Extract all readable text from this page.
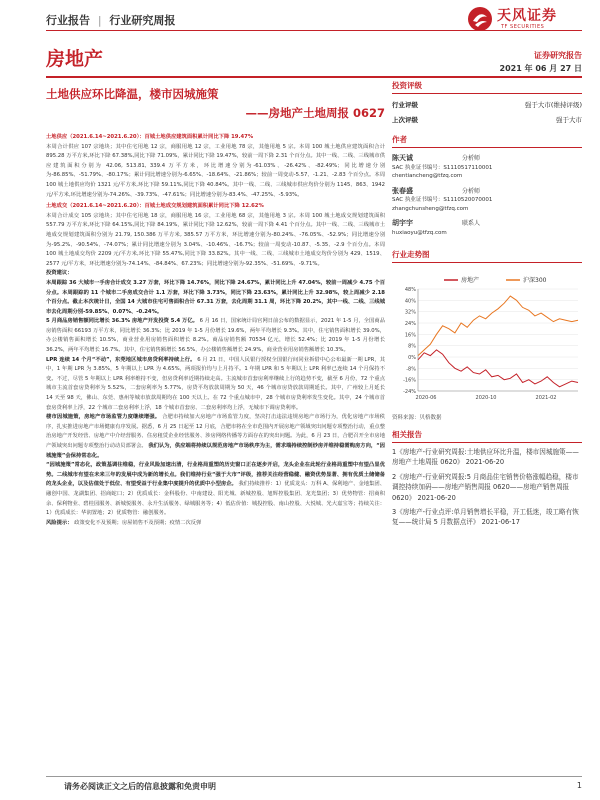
行业报告 | 行业研究周报	天风证券
TF SECURITIES
房地产	证券研究报告
2021 年 06 月 27 日
土地供应环比降温，楼市因城施策
——房地产土地周报 0627

土地供应（2021.6.14~2021.6.20）：百城土地供应建筑面积累计同比下降 19.47%

本周合计供应 107 宗地块；其中住宅用地 12 宗，商服用地 12 宗，工业用地 78 宗，其他用地 5 宗。本周 100 城土地供应建筑面积合计 895.28 万平方米,环比下降 67.38%,同比下降 71.09%，累计同比下降 19.47%，较前一周下降 2.31 个百分点。其中一线、二线、三线城市供应建筑面积分别为 42.06, 513.81, 339.4 万平方米，环比增速分别为-61.03%、-26.42%、-82.49%；同比增速分别为-86.85%、-51.79%、-80.17%；累计同比增速分别为-6.65%、-18.64%、-21.86%；较前一周变动-5.57、-1.21、-2.83 个百分点。本周 100 城土地供应均价 1321 元/平方米,环比下降 59.11%,同比下降 40.84%。其中一线、二线、三线城市供应均价分别为 1145、863、1942 元/平方米,环比增速分别为-74.26%、-39.73%、-47.61%；同比增速分别为-83.4%、-47.25%、-5.93%。

土地成交（2021.6.14~2021.6.20）：百城土地成交规划建筑面积累计同比下降 12.62%

本周合计成交 105 宗地块；其中住宅用地 18 宗，商服用地 16 宗，工业用地 68 宗，其他用地 3 宗。本周 100 城土地成交规划建筑面积 557.79 万平方米,环比下降 64.15%,同比下降 84.19%，累计同比下降 12.62%，较前一周下降 4.41 个百分点。其中一线、二线、三线城市土地成交规划建筑面积分别为 21.79, 150.386 万平方米, 385.57 万平方米，环比增速分别为-80.24%、-76.05%、-52.9%；同比增速分别为-95.2%、-90.54%、-74.07%；累计同比增速分别为 3.04%、-10.46%、-16.7%；较前一周变动-10.87、-5.35、-2.9 个百分点。本周 100 城土地成交均价 2209 元/平方米,环比下降 55.47%,同比下降 33.82%。其中一线、二线、三线城市土地成交均价分别为 429、1519、2577 元/平方米，环比增速分别为-74.14%、-84.84%、67.23%；同比增速分别为-92.35%、-51.69%、-9.71%。

投资建议：

本周跟踪 36 大城市一手房合计成交 3.27 万套，环比下降 14.76%，同比下降 24.67%，累计同比上升 47.04%，较前一周减少 4.75 个百分点。本周跟踪的 11 个城市二手房成交合计 1.1 万套，环比下降 3.73%，同比下降 23.63%，累计同比上升 32.98%，较上周减少 2.18 个百分点。截止本次统计日，全国 14 大城市住宅可售面积合计 67.31 万套，去化周期 31.1 周，环比下降 20.2%，其中一线、二线、三线城市去化周期分别-59.85%、0.07%、-0.24%。

5 月商品房销售额同比增长 36.3% 房地产开发投资 5.4 万亿。 6 月 16 日，国家统计局官网日前公布的数据显示，2021 年 1-5 月，全国商品房销售面积 66193 万平方米，同比增长 36.3%；比 2019 年 1-5 月份增长 19.6%，两年平均增长 9.3%。其中，住宅销售面积增长 39.0%，办公楼销售面积增长 10.5%，商业营业用房销售面积增长 8.2%。商品房销售额 70534 亿元，增长 52.4%；比 2019 年 1-5 月份增长 36.2%，两年平均增长 16.7%。其中，住宅销售额增长 56.5%，办公楼销售额增长 24.9%，商业营业用房销售额增长 10.3%。

LPR 连续 14 个月“不动”，东莞地区城市房贷利率持续上行。 6 月 21 日，中国人民银行授权全国银行间同业拆借中心公布最新一期 LPR，其中，1 年期 LPR 为 3.85%，5 年期以上 LPR 为 4.65%，两项报价均与上月持平。1 年期 LPR 和 5 年期以上 LPR 利率已连续 14 个月保持不变。不过，尽管 5 年期以上 LPR 利率维持不变，但房贷利率近期持续走高。主流城市首套房利率继续上行的趋势不变，截至 6 月份，72 个重点城市主流首套房贷利率为 5.52%，二套房利率为 5.77%，房贷平均放款周期为 50 天，46 个城市房贷放款周期延长。其中，广州较上月延长 14 天至 98 天，佛山、东莞、惠州等城市放款周期均在 100 天以上。在 72 个重点城市中，28 个城市房贷利率发生变化。其中，24 个城市首套房贷利率上浮，22 个城市二套房利率上浮，18 个城市首套房、二套房利率均上浮，无城市下调房贷利率。

楼市因城施策，房地产市场监管力度继续增强。 合肥市持续加大房地产市场监管力度，坚决打击违法违规房地产市场行为，优化房地产市场秩序，扎实推进房地产市场健康有序发展。据悉，6 月 25 日起至 12 月底，合肥市将在全市范围内开展房地产领域突出问题专项整治行动，重点整治房地产开发经营、房地产中介经营服务、住房租赁企业经营服务、涉房网络传播等方面存在的突出问题。为此，6 月 23 日，合肥召开全市房地产领域突出问题专项整治行动动员部署会。 我们认为，供应端将持续以规范房地产市场秩序为主，需求端持续控制炒房并维持稳需购房方向，“因城施策”会保持常态化。

“因城施策”常态化，政策基调往维稳，行业风险加速出清，行业格局重塑的历史窗口正在逐步开启，龙头企业在此轮行业格局重塑中有望凸显优势。二线城市有望在未来三年的发展中成为新的增长点。我们维持行业“强于大市”评级，推荐关注经营稳健、融资优势显著、拥有优质土储储备的龙头企业，以及估值处于低位、有望受益于行业集中度提升的优质中小型房企。 我们持续推荐：1）优质龙头：万科 A、保利地产、金地集团、融创中国、龙湖集团、招商蛇口；2）优质成长：金科股份、中南建设、阳光城、新城控股、旭辉控股集团、龙光集团；3）优势物管：招商积余、保利物业、碧桂园服务、新城悦服务、永升生活服务、绿城服务等；4）低估价值：城投控股、南山控股、大悦城、光大嘉宝等；持续关注：1）优质成长：华润置地；2）优质物管：融创服务。

风险提示： 政策变化不及预期；房屋销售不及预期；疫情二次反弹

投资评级
行业评级	强于大市(维持评级)
上次评级	强于大市
作者
陈天诚	分析师
SAC 执业证书编号：S1110517110001
chentiancheng@tfzq.com
张春盛	分析师
SAC 执业证书编号：S1110520070001
zhangchunsheng@tfzq.com
胡宇宇	联系人
huxiaoyu@tfzq.com
行业走势图
-24%
-16%
-8%
0%
8%
16%
24%
32%
40%
48%
2020-06	2020-10	2021-02
房地产	沪深300
资料来源：贝格数据
相关报告
1《房地产-行业研究周报:土地供应环比升温，楼市因城施策——房地产土地周报 0620》 2021-06-20
2《房地产-行业研究周报:5 月商品住宅销售价格涨幅趋稳，楼市调控持续加码——房地产销售周报 0620——房地产销售周报 0620》 2021-06-20
3《房地产-行业点评:单月销售增长平稳，开工低迷，竣工略有恢复——统计局 5 月数据点评》 2021-06-17
请务必阅读正文之后的信息披露和免责申明	1
